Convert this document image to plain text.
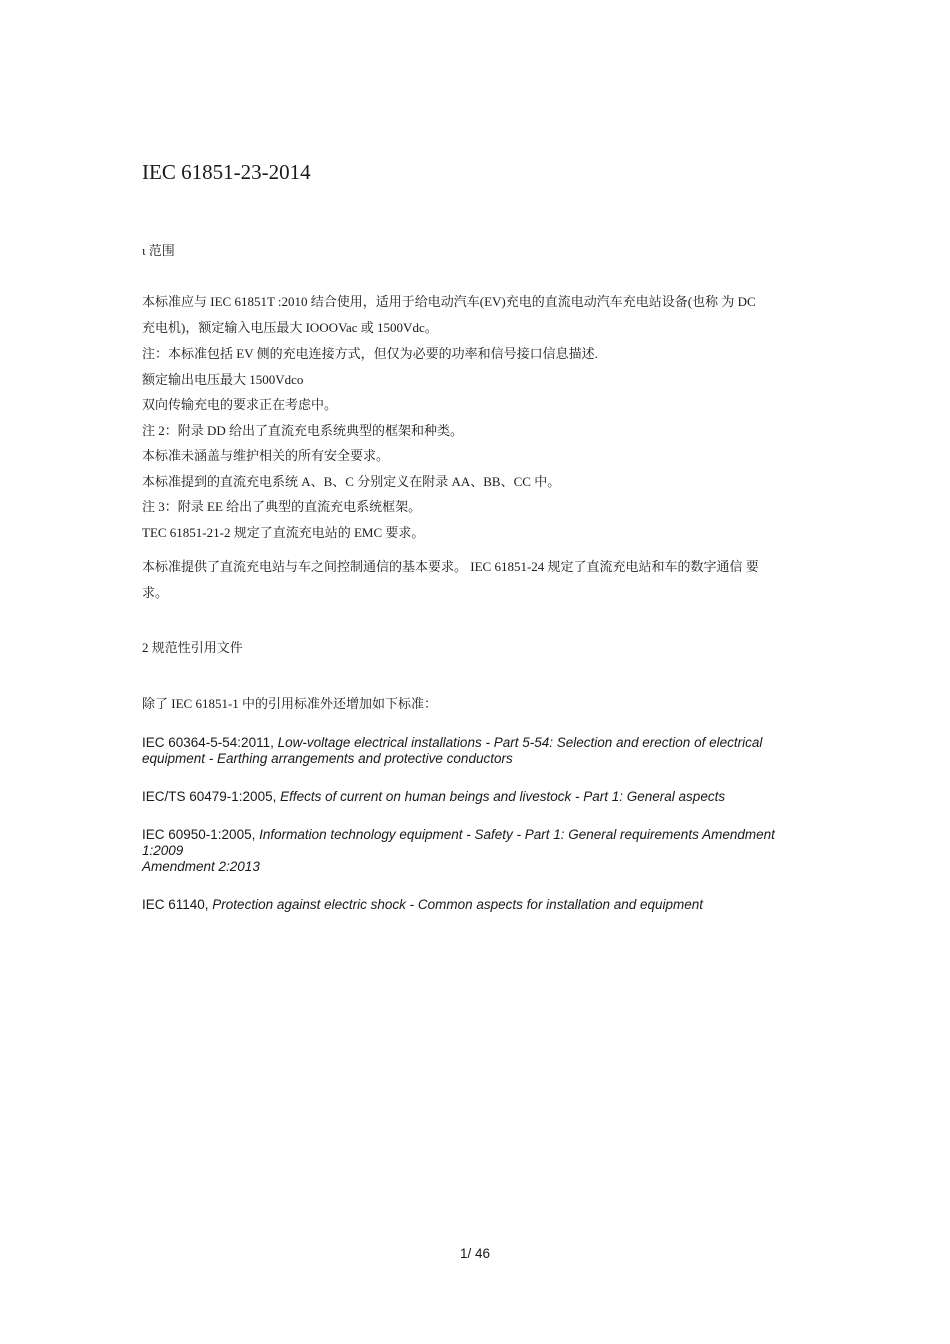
IEC 61851-23-2014
ι 范围
本标准应与 IEC 61851T :2010 结合使用，适用于给电动汽车(EV)充电的直流电动汽车充电站设备(也称 为 DC
充电机)，额定输入电压最大 IOOOVac 或 1500Vdc。
注：本标准包括 EV 侧的充电连接方式，但仅为必要的功率和信号接口信息描述.
额定输出电压最大 1500Vdco
双向传输充电的要求正在考虑中。
注 2：附录 DD 给出了直流充电系统典型的框架和种类。
本标准未涵盖与维护相关的所有安全要求。
本标准提到的直流充电系统 A、B、C 分别定义在附录 AA、BB、CC 中。
注 3：附录 EE 给出了典型的直流充电系统框架。
TEC 61851-21-2 规定了直流充电站的 EMC 要求。
本标准提供了直流充电站与车之间控制通信的基本要求。 IEC 61851-24 规定了直流充电站和车的数字通信 要
求。
2 规范性引用文件
除了 IEC 61851-1 中的引用标准外还增加如下标准：
IEC 60364-5-54:2011, Low-voltage electrical installations - Part 5-54: Selection and erection of electrical
equipment - Earthing arrangements and protective conductors
IEC/TS 60479-1:2005, Effects of current on human beings and livestock - Part 1: General aspects
IEC 60950-1:2005, Information technology equipment - Safety - Part 1: General requirements Amendment
1:2009
Amendment 2:2013
IEC 61140, Protection against electric shock - Common aspects for installation and equipment
1/ 46
